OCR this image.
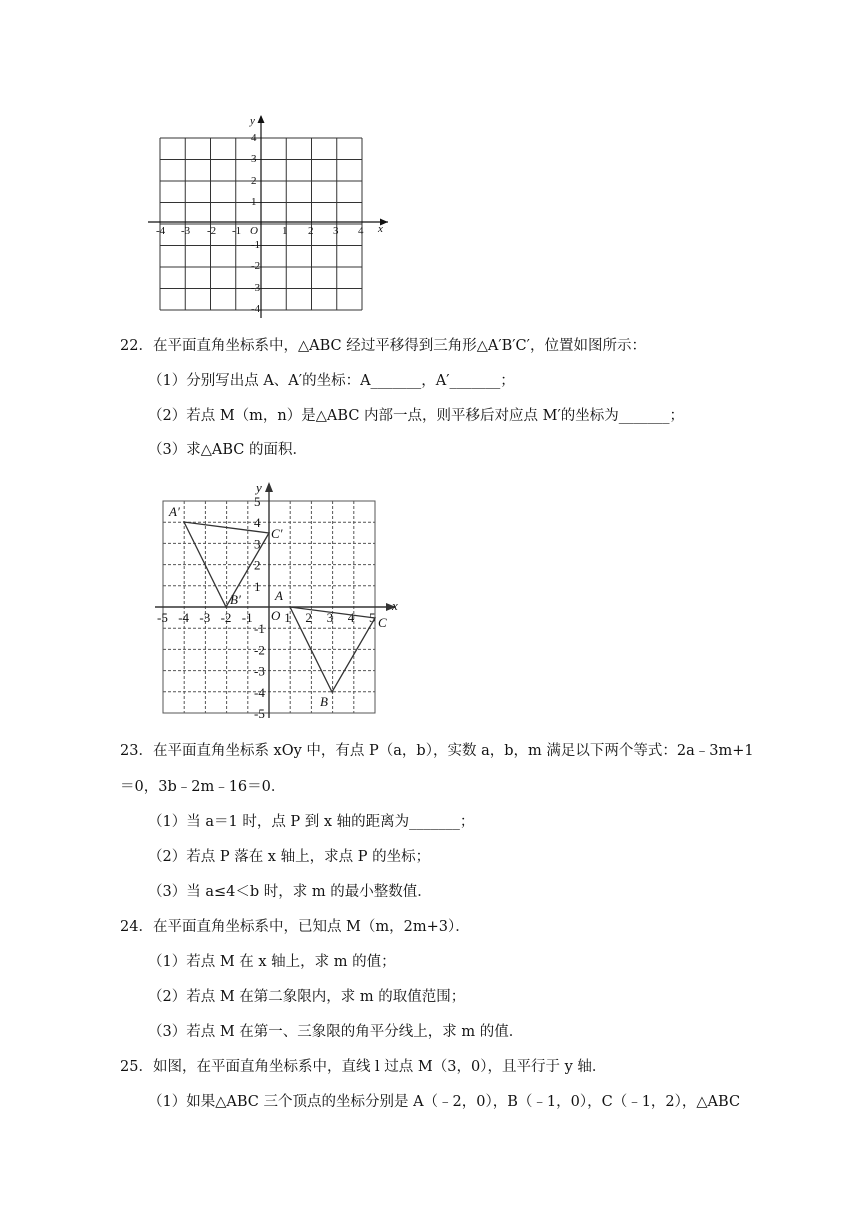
y
x
O
-4 -3 -2 -1	1 2 3 4
4
3
2
1
-1
-2
-3
-4
22．在平面直角坐标系中，△ABC 经过平移得到三角形△A′B′C′，位置如图所示：
（1）分别写出点 A、A′的坐标：A_______，A′_______；
（2）若点 M（m，n）是△ABC 内部一点，则平移后对应点 M′的坐标为_______；
（3）求△ABC 的面积．
y
x
O
-5 -4 -3 -2 -1 1 2 3 4 5
5
4
3
2
1
-1
-2
-3
-4
-5
A′
B′
C′
A
B
C
23．在平面直角坐标系 xOy 中，有点 P（a，b），实数 a，b，m 满足以下两个等式：2a﹣3m+1
＝0，3b﹣2m﹣16＝0．
（1）当 a＝1 时，点 P 到 x 轴的距离为_______；
（2）若点 P 落在 x 轴上，求点 P 的坐标；
（3）当 a≤4＜b 时，求 m 的最小整数值．
24．在平面直角坐标系中，已知点 M（m，2m+3）．
（1）若点 M 在 x 轴上，求 m 的值；
（2）若点 M 在第二象限内，求 m 的取值范围；
（3）若点 M 在第一、三象限的角平分线上，求 m 的值．
25．如图，在平面直角坐标系中，直线 l 过点 M（3，0），且平行于 y 轴．
（1）如果△ABC 三个顶点的坐标分别是 A（﹣2，0），B（﹣1，0），C（﹣1，2），△ABC
